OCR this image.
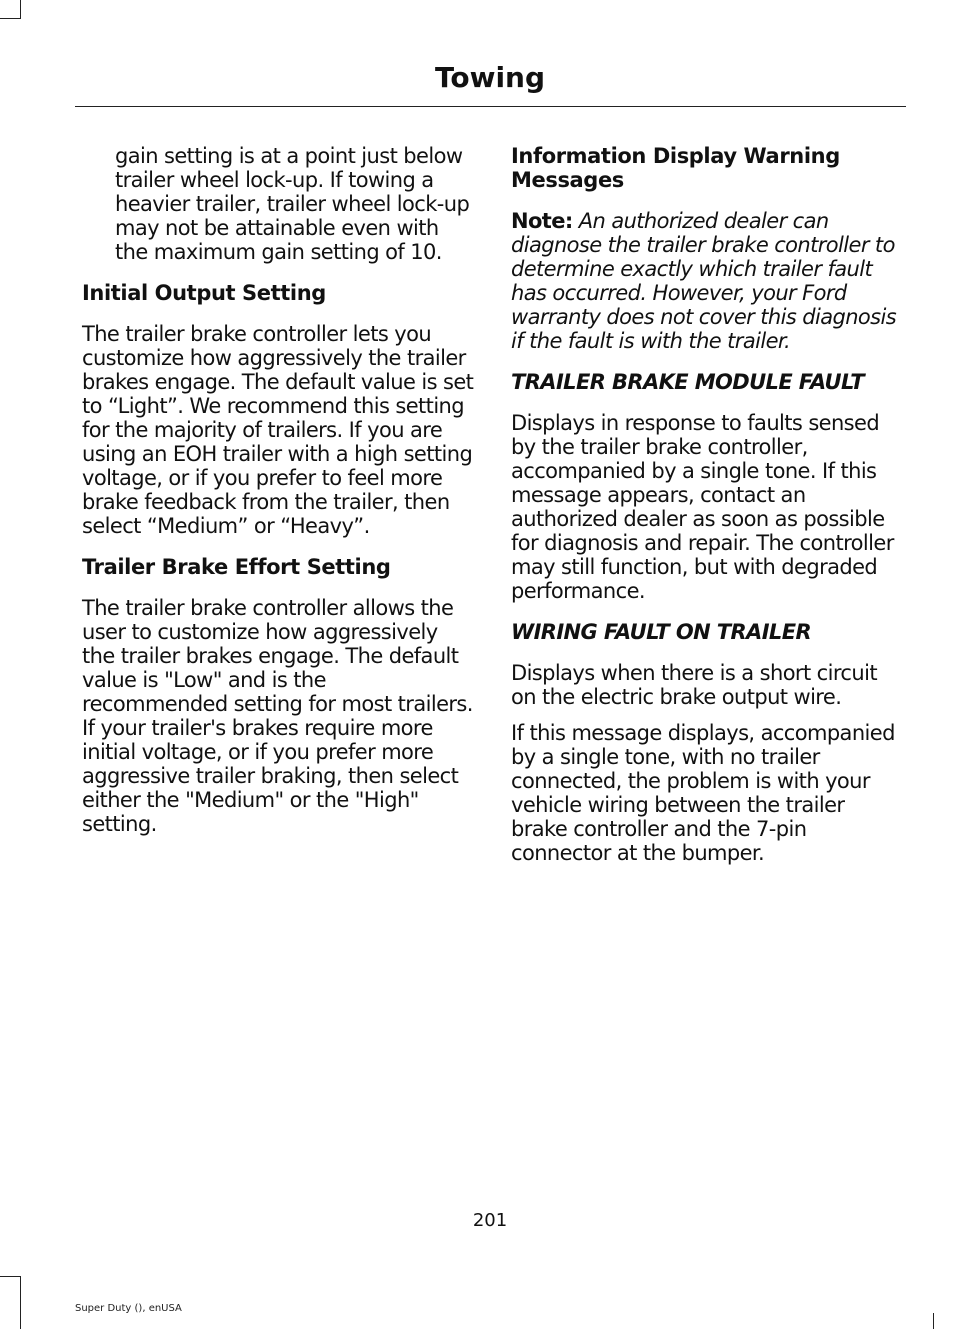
Towing

gain setting is at a point just below trailer wheel lock-up. If towing a heavier trailer, trailer wheel lock-up may not be attainable even with the maximum gain setting of 10.

Initial Output Setting

The trailer brake controller lets you customize how aggressively the trailer brakes engage. The default value is set to “Light”. We recommend this setting for the majority of trailers. If you are using an EOH trailer with a high setting voltage, or if you prefer to feel more brake feedback from the trailer, then select “Medium” or “Heavy”.

Trailer Brake Effort Setting

The trailer brake controller allows the user to customize how aggressively the trailer brakes engage. The default value is "Low" and is the recommended setting for most trailers. If your trailer's brakes require more initial voltage, or if you prefer more aggressive trailer braking, then select either the "Medium" or the "High" setting.

Information Display Warning Messages

Note: An authorized dealer can diagnose the trailer brake controller to determine exactly which trailer fault has occurred. However, your Ford warranty does not cover this diagnosis if the fault is with the trailer.

TRAILER BRAKE MODULE FAULT

Displays in response to faults sensed by the trailer brake controller, accompanied by a single tone. If this message appears, contact an authorized dealer as soon as possible for diagnosis and repair. The controller may still function, but with degraded performance.

WIRING FAULT ON TRAILER

Displays when there is a short circuit on the electric brake output wire.

If this message displays, accompanied by a single tone, with no trailer connected, the problem is with your vehicle wiring between the trailer brake controller and the 7-pin connector at the bumper.

201
Super Duty (), enUSA
